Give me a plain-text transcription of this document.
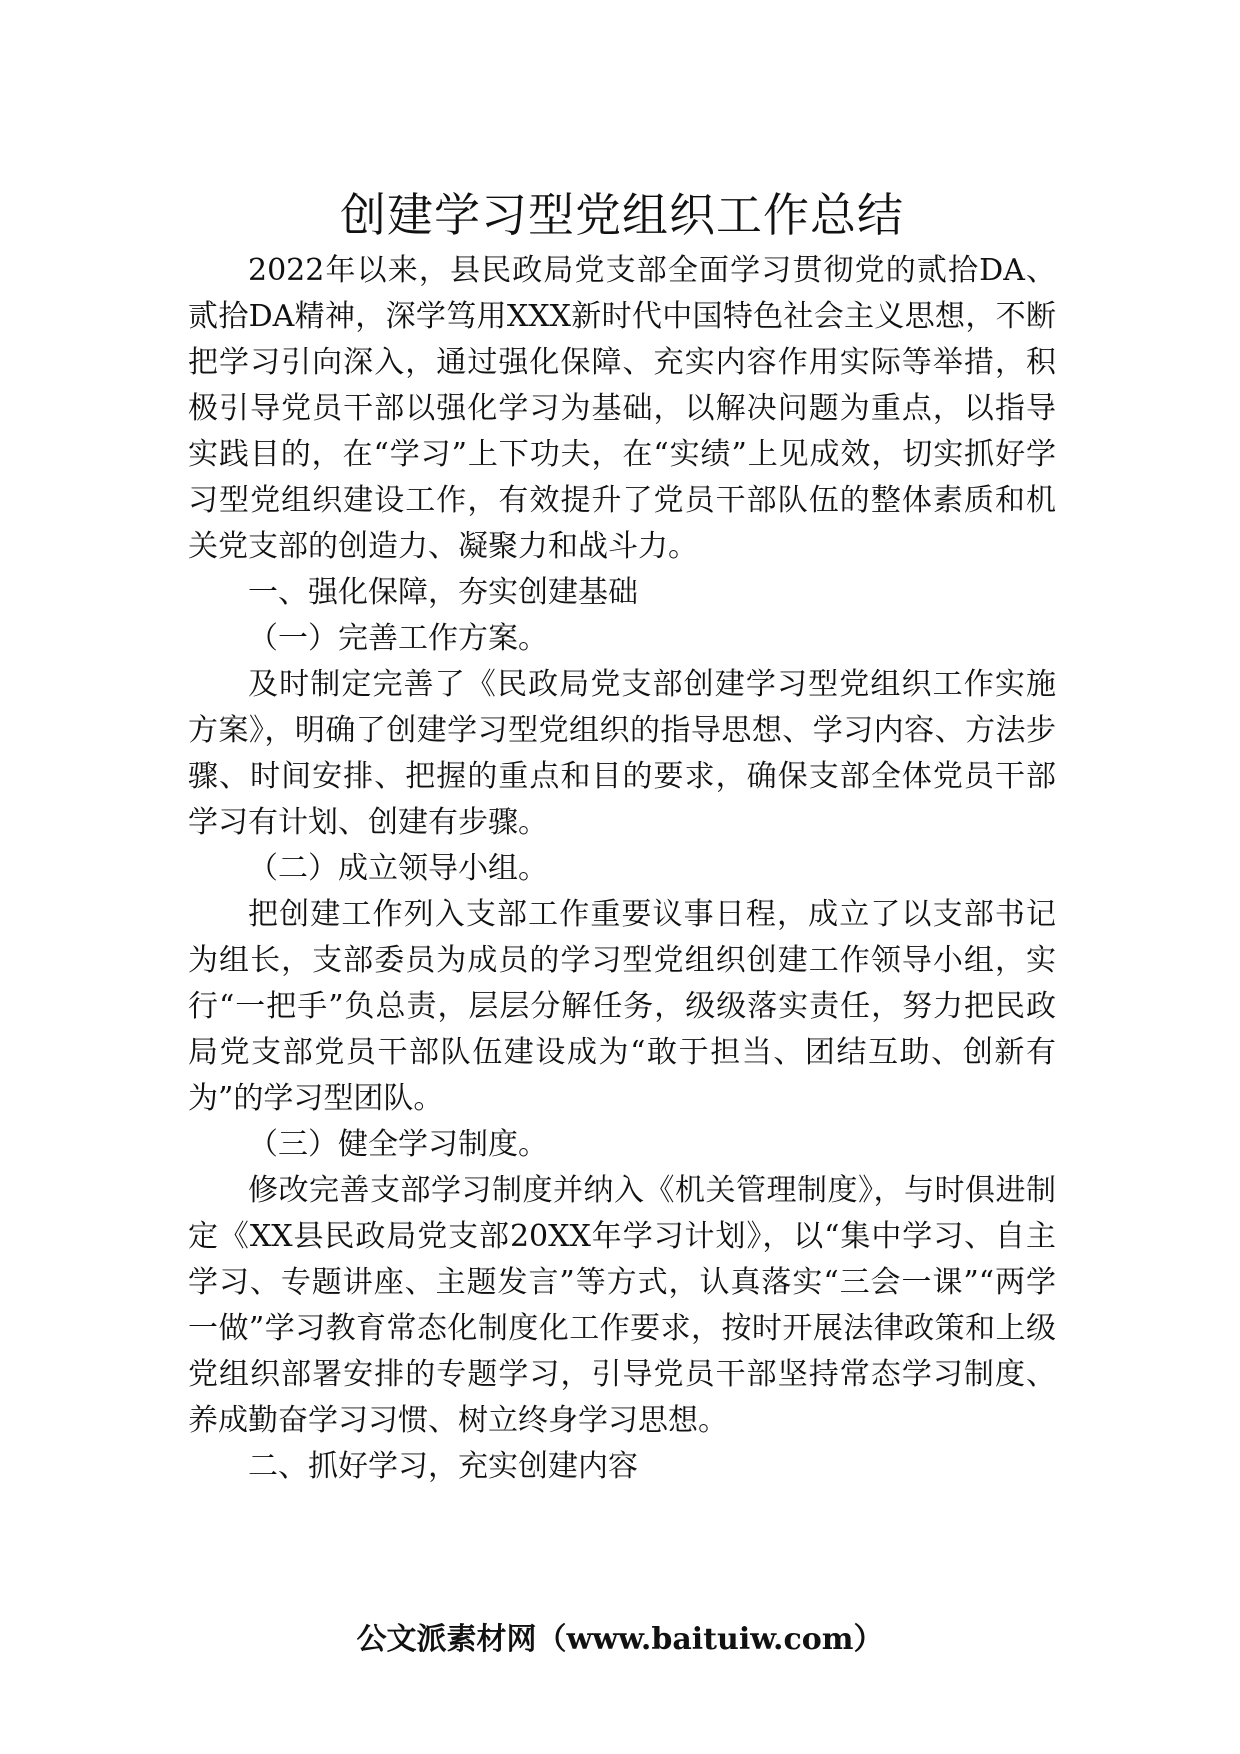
创建学习型党组织工作总结

2022年以来，县民政局党支部全面学习贯彻党的贰拾DA、贰拾DA精神，深学笃用XXX新时代中国特色社会主义思想，不断把学习引向深入，通过强化保障、充实内容作用实际等举措，积极引导党员干部以强化学习为基础，以解决问题为重点，以指导实践目的，在“学习”上下功夫，在“实绩”上见成效，切实抓好学习型党组织建设工作，有效提升了党员干部队伍的整体素质和机关党支部的创造力、凝聚力和战斗力。

一、强化保障，夯实创建基础

（一）完善工作方案。

及时制定完善了《民政局党支部创建学习型党组织工作实施方案》，明确了创建学习型党组织的指导思想、学习内容、方法步骤、时间安排、把握的重点和目的要求，确保支部全体党员干部学习有计划、创建有步骤。

（二）成立领导小组。

把创建工作列入支部工作重要议事日程，成立了以支部书记为组长，支部委员为成员的学习型党组织创建工作领导小组，实行“一把手”负总责，层层分解任务，级级落实责任，努力把民政局党支部党员干部队伍建设成为“敢于担当、团结互助、创新有为”的学习型团队。

（三）健全学习制度。

修改完善支部学习制度并纳入《机关管理制度》，与时俱进制定《XX县民政局党支部20XX年学习计划》，以“集中学习、自主学习、专题讲座、主题发言”等方式，认真落实“三会一课”“两学一做”学习教育常态化制度化工作要求，按时开展法律政策和上级党组织部署安排的专题学习，引导党员干部坚持常态学习制度、养成勤奋学习习惯、树立终身学习思想。

二、抓好学习，充实创建内容

公文派素材网（www.baituiw.com）
